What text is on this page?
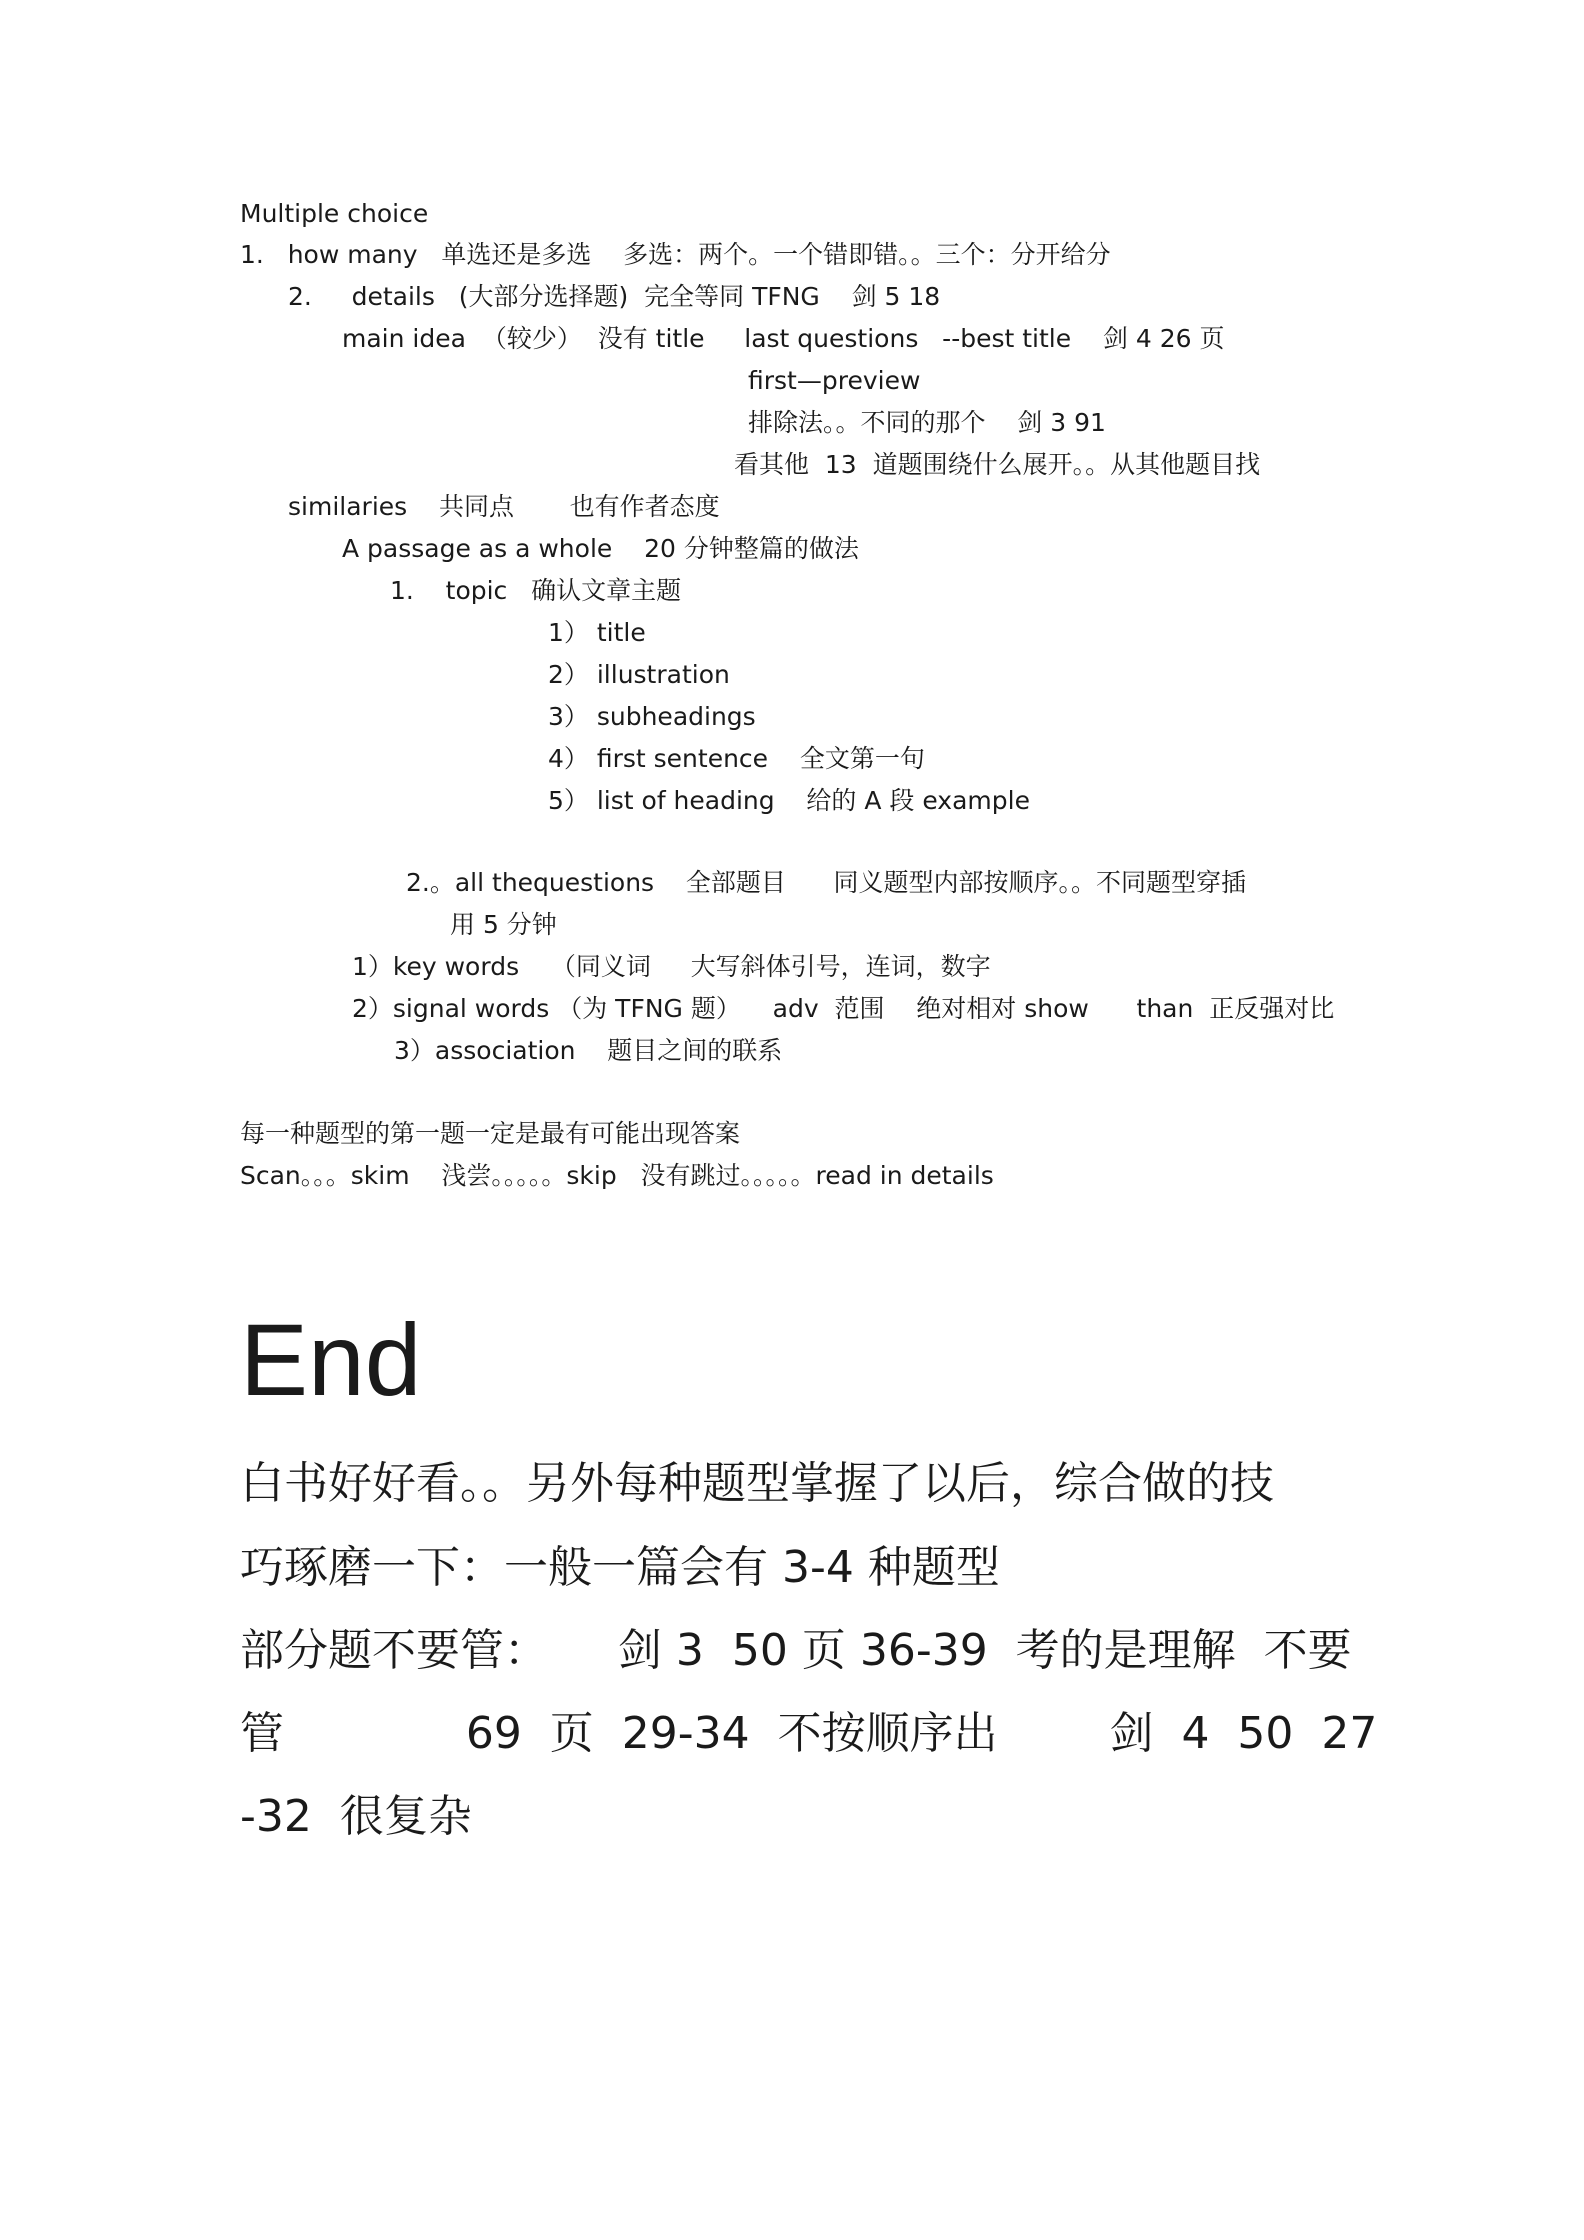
Multiple choice

1.   how many   单选还是多选    多选：两个。一个错即错。。三个：分开给分

2.     details   (大部分选择题)  完全等同 TFNG    剑 5 18

main idea  （较少）  没有 title     last questions   --best title    剑 4 26 页

first—preview

排除法。。不同的那个    剑 3 91

看其他  13  道题围绕什么展开。。从其他题目找

similaries    共同点       也有作者态度

A passage as a whole    20 分钟整篇的做法

1.    topic   确认文章主题

1） title

2） illustration

3） subheadings

4） first sentence    全文第一句

5） list of heading    给的 A 段 example

2.。all thequestions    全部题目      同义题型内部按顺序。。不同题型穿插

用 5 分钟

1）key words    （同义词     大写斜体引号，连词，数字

2）signal words （为 TFNG 题）    adv  范围    绝对相对 show      than  正反强对比

3）association    题目之间的联系

每一种题型的第一题一定是最有可能出现答案

Scan。。。skim    浅尝。。。。。skip   没有跳过。。。。。read in details

End

白书好好看。。另外每种题型掌握了以后，综合做的技

巧琢磨一下：一般一篇会有 3-4 种题型

部分题不要管：     剑 3  50 页 36-39  考的是理解  不要

管             69  页  29-34  不按顺序出        剑  4  50  27

-32  很复杂
